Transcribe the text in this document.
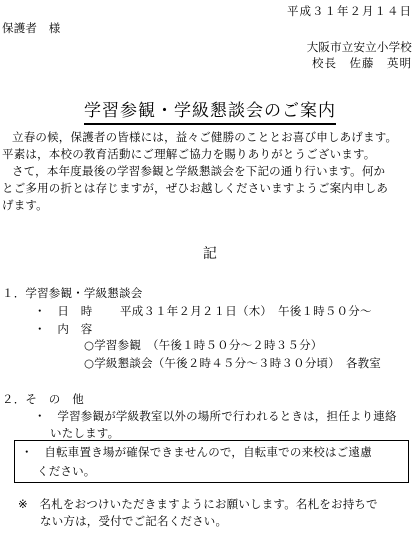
平成３１年２月１４日
保護者　様
大阪市立安立小学校
校長　佐藤　英明
学習参観・学級懇談会のご案内

立春の候，保護者の皆様には，益々ご健勝のこととお喜び申しあげます。

平素は，本校の教育活動にご理解ご協力を賜りありがとうございます。

さて，本年度最後の学習参観と学級懇談会を下記の通り行います。何か

とご多用の折とは存じますが，ぜひお越しくださいますようご案内申しあ

げます。

記
１．学習参観・学級懇談会
・　日　時 平成３１年２月２１日（木）　午後１時５０分～
・　内　容
○学習参観　（午後１時５０分～２時３５分）
○学級懇談会（午後２時４５分～３時３０分頃）　各教室
２．そ　の　他
・　学習参観が学級教室以外の場所で行われるときは，担任より連絡
いたします。
・　自転車置き場が確保できませんので，自転車での来校はご遠慮
ください。
※　名札をおつけいただきますようにお願いします。名札をお持ちで
ない方は，受付でご記名ください。
